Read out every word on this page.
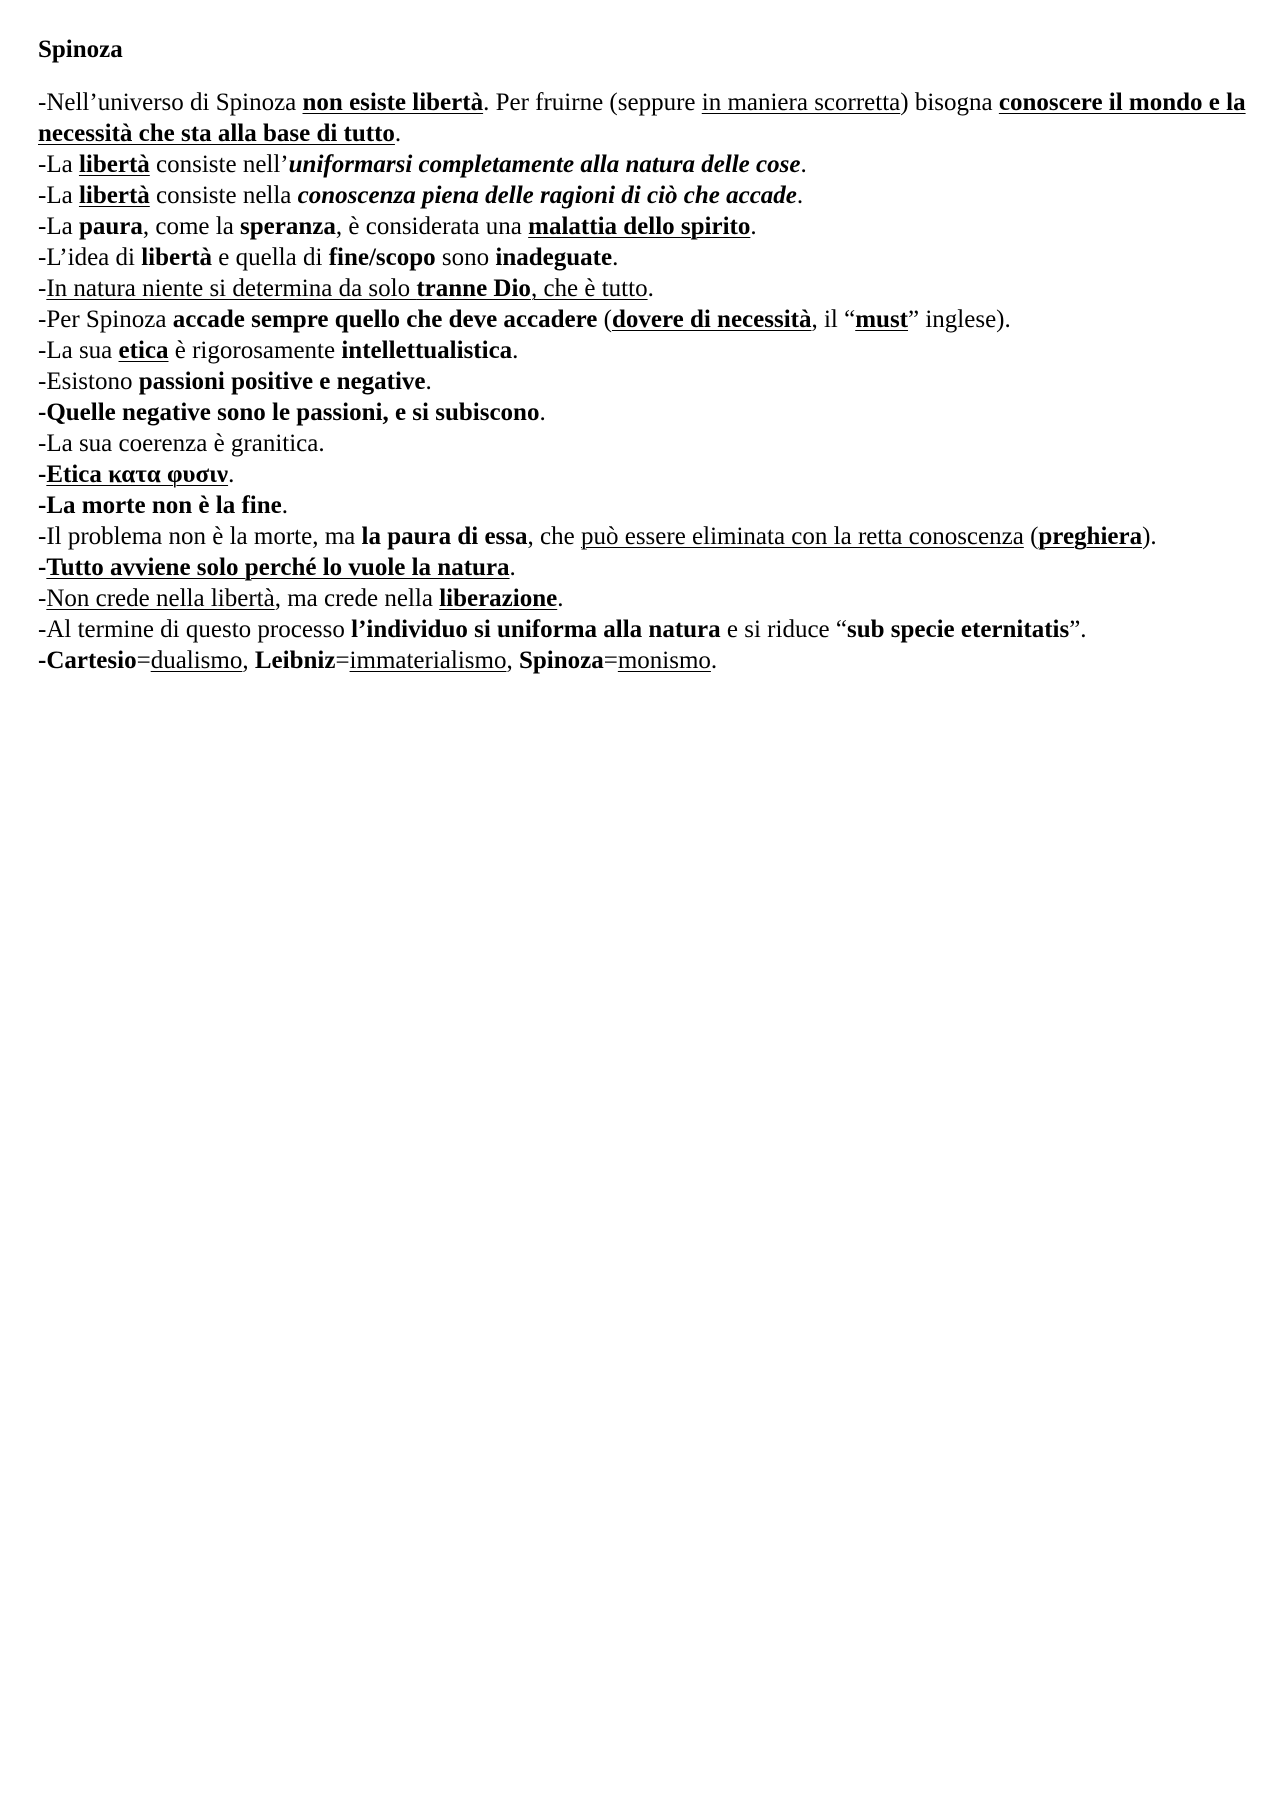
Spinoza
-Nell’universo di Spinoza non esiste libertà. Per fruirne (seppure in maniera scorretta) bisogna conoscere il mondo e la necessità che sta alla base di tutto.
-La libertà consiste nell’uniformarsi completamente alla natura delle cose.
-La libertà consiste nella conoscenza piena delle ragioni di ciò che accade.
-La paura, come la speranza, è considerata una malattia dello spirito.
-L’idea di libertà e quella di fine/scopo sono inadeguate.
-In natura niente si determina da solo tranne Dio, che è tutto.
-Per Spinoza accade sempre quello che deve accadere (dovere di necessità, il “must” inglese).
-La sua etica è rigorosamente intellettualistica.
-Esistono passioni positive e negative.
-Quelle negative sono le passioni, e si subiscono.
-La sua coerenza è granitica.
-Etica κατα φυσιν.
-La morte non è la fine.
-Il problema non è la morte, ma la paura di essa, che può essere eliminata con la retta conoscenza (preghiera).
-Tutto avviene solo perché lo vuole la natura.
-Non crede nella libertà, ma crede nella liberazione.
-Al termine di questo processo l’individuo si uniforma alla natura e si riduce “sub specie eternitatis”.
-Cartesio=dualismo, Leibniz=immaterialismo, Spinoza=monismo.
